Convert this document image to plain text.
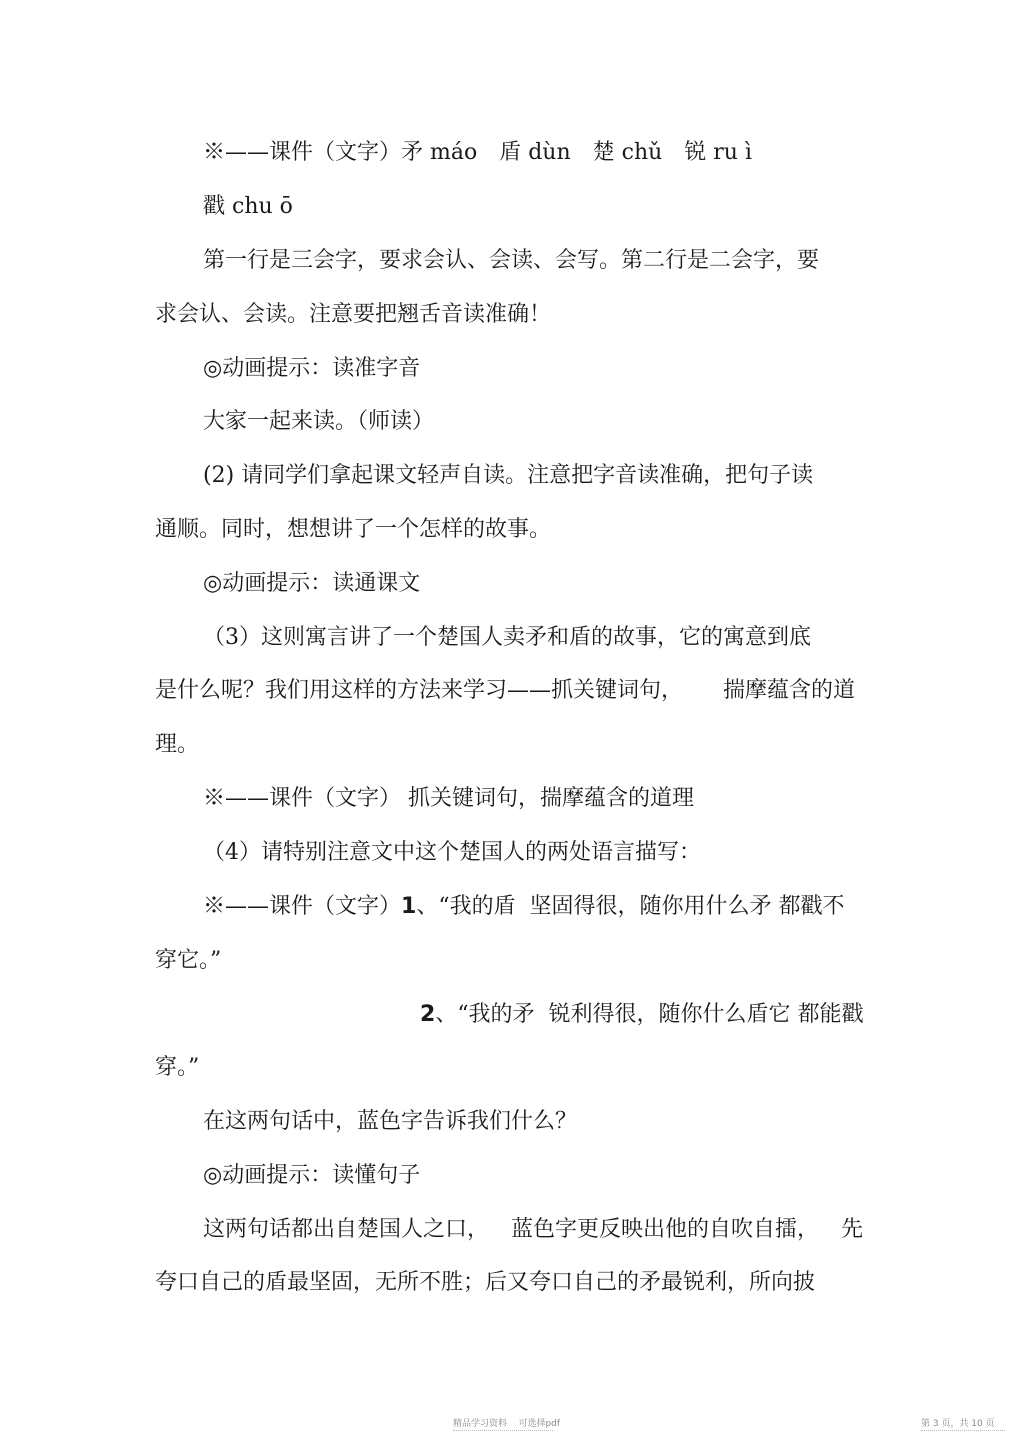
※——课件（文字）矛 máo 盾 dùn 楚 chǔ 锐 ru ì
戳 chu ō
第一行是三会字，要求会认、会读、会写。第二行是二会字，要
求会认、会读。注意要把翘舌音读准确！
◎动画提示：读准字音
大家一起来读。（师读）
(2) 请同学们拿起课文轻声自读。注意把字音读准确，把句子读
通顺。同时，想想讲了一个怎样的故事。
◎动画提示：读通课文
（3）这则寓言讲了一个楚国人卖矛和盾的故事，它的寓意到底
是什么呢？我们用这样的方法来学习——抓关键词句， 揣摩蕴含的道
理。
※——课件（文字） 抓关键词句，揣摩蕴含的道理
（4）请特别注意文中这个楚国人的两处语言描写：
※——课件（文字）1、“我的盾  坚固得很，随你用什么矛 都戳不
穿它。”
2、“我的矛  锐利得很，随你什么盾它 都能戳
穿。”
在这两句话中，蓝色字告诉我们什么？
◎动画提示：读懂句子
这两句话都出自楚国人之口， 蓝色字更反映出他的自吹自擂， 先
夸口自己的盾最坚固，无所不胜；后又夸口自己的矛最锐利，所向披
精品学习资料    可选择pdf	第 3 页，共 10 页
